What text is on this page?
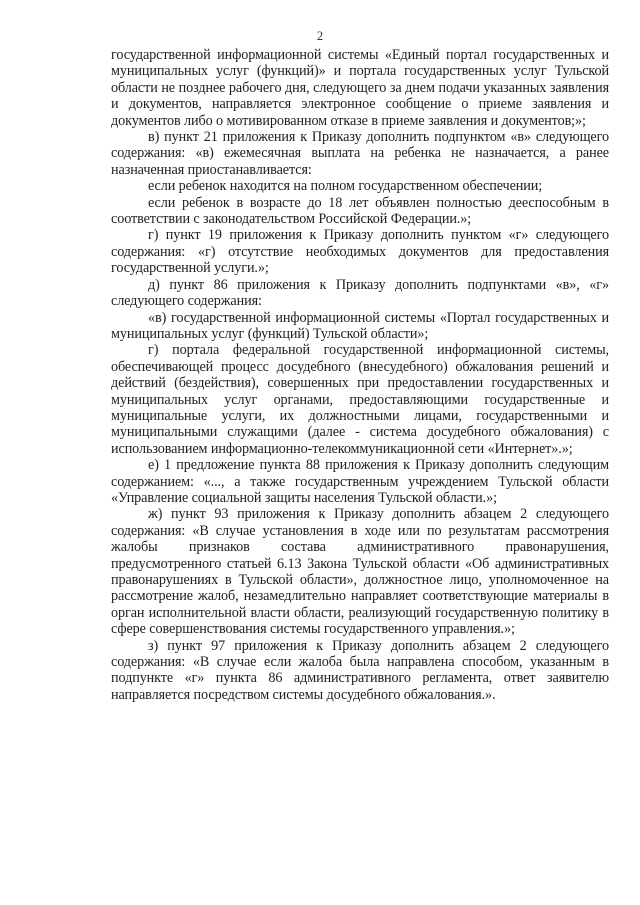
2

государственной информационной системы «Единый портал государственных и муниципальных услуг (функций)» и портала государственных услуг Тульской области не позднее рабочего дня, следующего за днем подачи указанных заявления и документов, направляется электронное сообщение о приеме заявления и документов либо о мотивированном отказе в приеме заявления и документов;»;

в) пункт 21 приложения к Приказу дополнить подпунктом «в» следующего содержания: «в) ежемесячная выплата на ребенка не назначается, а ранее назначенная приостанавливается:

если ребенок находится на полном государственном обеспечении;

если ребенок в возрасте до 18 лет объявлен полностью дееспособным в соответствии с законодательством Российской Федерации.»;

г) пункт 19 приложения к Приказу дополнить пунктом «г» следующего содержания: «г) отсутствие необходимых документов для предоставления государственной услуги.»;

д) пункт 86 приложения к Приказу дополнить подпунктами «в», «г» следующего содержания:

«в) государственной информационной системы «Портал государственных и муниципальных услуг (функций) Тульской области»;

г) портала федеральной государственной информационной системы, обеспечивающей процесс досудебного (внесудебного) обжалования решений и действий (бездействия), совершенных при предоставлении государственных и муниципальных услуг органами, предоставляющими государственные и муниципальные услуги, их должностными лицами, государственными и муниципальными служащими (далее - система досудебного обжалования) с использованием информационно-телекоммуникационной сети «Интернет».»;

е) 1 предложение пункта 88 приложения к Приказу дополнить следующим содержанием: «..., а также государственным учреждением Тульской области «Управление социальной защиты населения Тульской области.»;

ж) пункт 93 приложения к Приказу дополнить абзацем 2 следующего содержания: «В случае установления в ходе или по результатам рассмотрения жалобы признаков состава административного правонарушения, предусмотренного статьей 6.13 Закона Тульской области «Об административных правонарушениях в Тульской области», должностное лицо, уполномоченное на рассмотрение жалоб, незамедлительно направляет соответствующие материалы в орган исполнительной власти области, реализующий государственную политику в сфере совершенствования системы государственного управления.»;

з) пункт 97 приложения к Приказу дополнить абзацем 2 следующего содержания: «В случае если жалоба была направлена способом, указанным в подпункте «г» пункта 86 административного регламента, ответ заявителю направляется посредством системы досудебного обжалования.».
